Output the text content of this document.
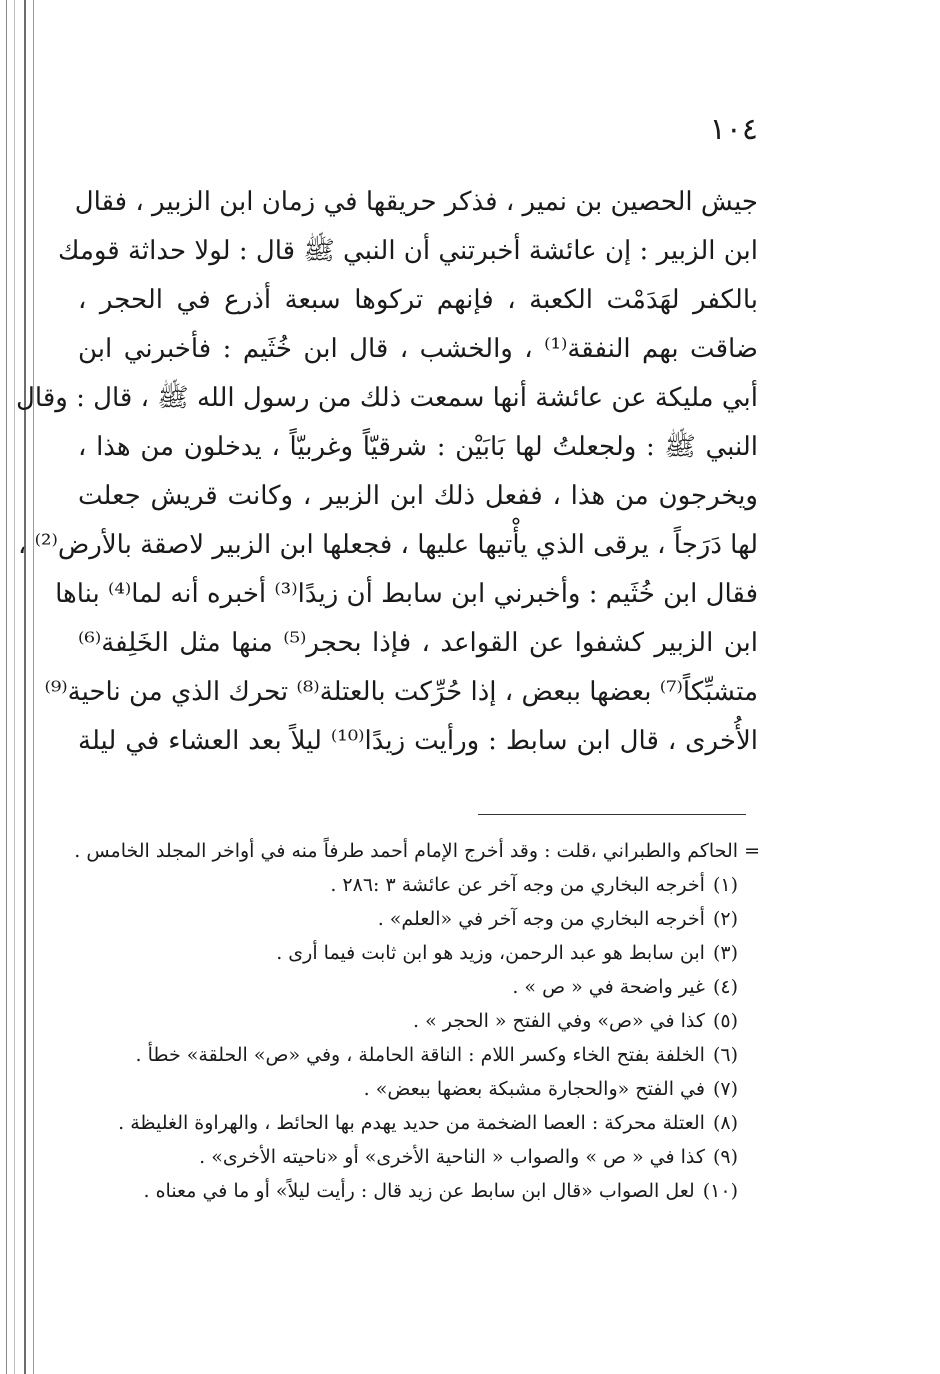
١٠٤
جيش الحصين بن نمير ، فذكر حريقها في زمان ابن الزبير ، فقال
ابن الزبير : إن عائشة أخبرتني أن النبي ﷺ قال : لولا حداثة قومك
بالكفر لهَدَمْت الكعبة ، فإنهم تركوها سبعة أذرع في الحجر ،
ضاقت بهم النفقة⁽¹⁾ ، والخشب ، قال ابن خُثَيم : فأخبرني ابن
أبي مليكة عن عائشة أنها سمعت ذلك من رسول الله ﷺ ، قال : وقال
النبي ﷺ : ولجعلتُ لها بَابَيْن : شرقيّاً وغربيّاً ، يدخلون من هذا ،
ويخرجون من هذا ، ففعل ذلك ابن الزبير ، وكانت قريش جعلت
لها دَرَجاً ، يرقى الذي يأْتيها عليها ، فجعلها ابن الزبير لاصقة بالأرض⁽²⁾ ،
فقال ابن خُثَيم : وأخبرني ابن سابط أن زيدًا⁽³⁾ أخبره أنه لما⁽⁴⁾ بناها
ابن الزبير كشفوا عن القواعد ، فإذا بحجر⁽⁵⁾ منها مثل الخَلِفة⁽⁶⁾
متشبِّكاً⁽⁷⁾ بعضها ببعض ، إذا حُرِّكت بالعتلة⁽⁸⁾ تحرك الذي من ناحية⁽⁹⁾
الأُخرى ، قال ابن سابط : ورأيت زيدًا⁽¹⁰⁾ ليلاً بعد العشاء في ليلة
= الحاكم والطبراني ،قلت : وقد أخرج الإمام أحمد طرفاً منه في أواخر المجلد الخامس .
(١)أخرجه البخاري من وجه آخر عن عائشة ٣ :٢٨٦ .
(٢)أخرجه البخاري من وجه آخر في «العلم» .
(٣)ابن سابط هو عبد الرحمن، وزيد هو ابن ثابت فيما أرى .
(٤)غير واضحة في « ص » .
(٥)كذا في «ص» وفي الفتح « الحجر » .
(٦)الخلفة بفتح الخاء وكسر اللام : الناقة الحاملة ، وفي «ص» الحلقة» خطأ .
(٧)في الفتح «والحجارة مشبكة بعضها ببعض» .
(٨)العتلة محركة : العصا الضخمة من حديد يهدم بها الحائط ، والهراوة الغليظة .
(٩)كذا في « ص » والصواب « الناحية الأخرى» أو «ناحيته الأخرى» .
(١٠)لعل الصواب «قال ابن سابط عن زيد قال : رأيت ليلاً» أو ما في معناه .
